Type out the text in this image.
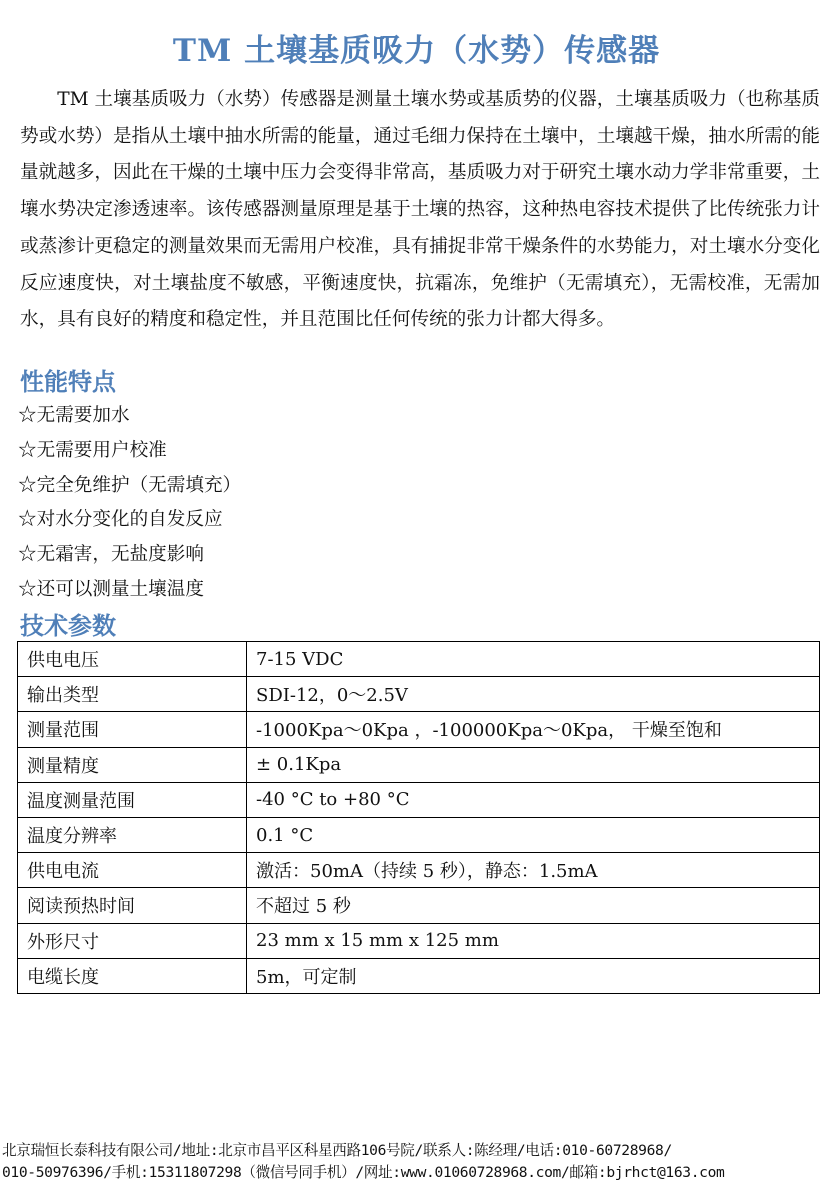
TM 土壤基质吸力（水势）传感器

TM 土壤基质吸力（水势）传感器是测量土壤水势或基质势的仪器，土壤基质吸力（也称基质势或水势）是指从土壤中抽水所需的能量，通过毛细力保持在土壤中，土壤越干燥，抽水所需的能量就越多，因此在干燥的土壤中压力会变得非常高，基质吸力对于研究土壤水动力学非常重要，土壤水势决定渗透速率。该传感器测量原理是基于土壤的热容，这种热电容技术提供了比传统张力计或蒸渗计更稳定的测量效果而无需用户校准，具有捕捉非常干燥条件的水势能力，对土壤水分变化反应速度快，对土壤盐度不敏感，平衡速度快，抗霜冻，免维护（无需填充），无需校准，无需加水，具有良好的精度和稳定性，并且范围比任何传统的张力计都大得多。

性能特点
☆无需要加水
☆无需要用户校准
☆完全免维护（无需填充）
☆对水分变化的自发反应
☆无霜害，无盐度影响
☆还可以测量土壤温度
技术参数
供电电压	7-15 VDC
输出类型	SDI-12，0～2.5V
测量范围	-1000Kpa～0Kpa ，-100000Kpa～0Kpa， 干燥至饱和
测量精度	± 0.1Kpa
温度测量范围	-40 °C to +80 °C
温度分辨率	0.1 °C
供电电流	激活：50mA（持续 5 秒），静态：1.5mA
阅读预热时间	不超过 5 秒
外形尺寸	23 mm x 15 mm x 125 mm
电缆长度	5m，可定制
北京瑞恒长泰科技有限公司/地址:北京市昌平区科星西路106号院/联系人:陈经理/电话:010-60728968/
010-50976396/手机:15311807298（微信号同手机）/网址:www.01060728968.com/邮箱:bjrhct@163.com
